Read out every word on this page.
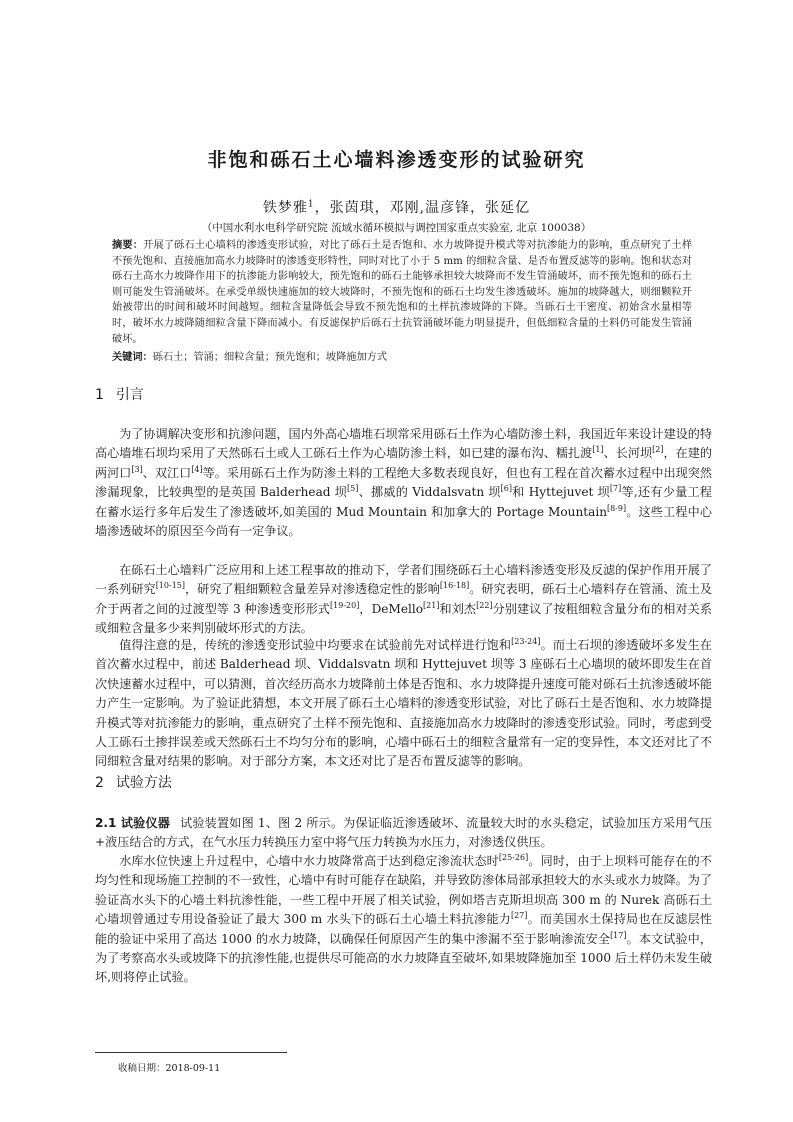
非饱和砾石土心墙料渗透变形的试验研究
铁梦雅$^1$，张茵琪，邓刚,温彦锋，张延亿
（中国水利水电科学研究院 流域水循环模拟与调控国家重点实验室, 北京 100038）
摘要：开展了砾石土心墙料的渗透变形试验，对比了砾石土是否饱和、水力坡降提升模式等对抗渗能力的影响，重点研究了土样不预先饱和、直接施加高水力坡降时的渗透变形特性，同时对比了小于 5 mm 的细粒含量、是否布置反滤等的影响。饱和状态对砾石土高水力坡降作用下的抗渗能力影响较大，预先饱和的砾石土能够承担较大坡降而不发生管涌破坏，而不预先饱和的砾石土则可能发生管涌破坏。在承受单级快速施加的较大坡降时，不预先饱和的砾石土均发生渗透破坏。施加的坡降越大，则细颗粒开始被带出的时间和破坏时间越短。细粒含量降低会导致不预先饱和的土样抗渗坡降的下降。当砾石土干密度、初始含水量相等时，破坏水力坡降随细粒含量下降而减小。有反滤保护后砾石土抗管涌破坏能力明显提升，但低细粒含量的土料仍可能发生管涌破坏。
关键词：砾石土；管涌；细粒含量；预先饱和；坡降施加方式
1 引言
为了协调解决变形和抗渗问题，国内外高心墙堆石坝常采用砾石土作为心墙防渗土料，我国近年来设计建设的特高心墙堆石坝均采用了天然砾石土或人工砾石土作为心墙防渗土料，如已建的瀑布沟、糯扎渡[1]、长河坝[2]，在建的两河口[3]、双江口[4]等。采用砾石土作为防渗土料的工程绝大多数表现良好，但也有工程在首次蓄水过程中出现突然渗漏现象，比较典型的是英国 Balderhead 坝[5]、挪威的 Viddalsvatn 坝[6]和 Hyttejuvet 坝[7]等,还有少量工程在蓄水运行多年后发生了渗透破坏,如美国的 Mud Mountain 和加拿大的 Portage Mountain[8-9]。这些工程中心墙渗透破坏的原因至今尚有一定争议。
在砾石土心墙料广泛应用和上述工程事故的推动下，学者们围绕砾石土心墙料渗透变形及反滤的保护作用开展了一系列研究[10-15]，研究了粗细颗粒含量差异对渗透稳定性的影响[16-18]。研究表明，砾石土心墙料存在管涌、流土及介于两者之间的过渡型等 3 种渗透变形形式[19-20]，DeMello[21]和刘杰[22]分别建议了按粗细粒含量分布的相对关系或细粒含量多少来判别破坏形式的方法。
值得注意的是，传统的渗透变形试验中均要求在试验前先对试样进行饱和[23-24]。而土石坝的渗透破坏多发生在首次蓄水过程中，前述 Balderhead 坝、Viddalsvatn 坝和 Hyttejuvet 坝等 3 座砾石土心墙坝的破坏即发生在首次快速蓄水过程中，可以猜测，首次经历高水力坡降前土体是否饱和、水力坡降提升速度可能对砾石土抗渗透破坏能力产生一定影响。为了验证此猜想，本文开展了砾石土心墙料的渗透变形试验，对比了砾石土是否饱和、水力坡降提升模式等对抗渗能力的影响，重点研究了土样不预先饱和、直接施加高水力坡降时的渗透变形试验。同时，考虑到受人工砾石土掺拌误差或天然砾石土不均匀分布的影响，心墙中砾石土的细粒含量常有一定的变异性，本文还对比了不同细粒含量对结果的影响。对于部分方案，本文还对比了是否布置反滤等的影响。
2 试验方法
2.1 试验仪器 试验装置如图 1、图 2 所示。为保证临近渗透破坏、流量较大时的水头稳定，试验加压方采用气压+液压结合的方式，在气水压力转换压力室中将气压力转换为水压力，对渗透仪供压。
水库水位快速上升过程中，心墙中水力坡降常高于达到稳定渗流状态时[25-26]。同时，由于上坝料可能存在的不均匀性和现场施工控制的不一致性，心墙中有时可能存在缺陷，并导致防渗体局部承担较大的水头或水力坡降。为了验证高水头下的心墙土料抗渗性能，一些工程中开展了相关试验，例如塔吉克斯坦坝高 300 m 的 Nurek 高砾石土心墙坝曾通过专用设备验证了最大 300 m 水头下的砾石土心墙土料抗渗能力[27]。而美国水土保持局也在反滤层性能的验证中采用了高达 1000 的水力坡降，以确保任何原因产生的集中渗漏不至于影响渗流安全[17]。本文试验中，为了考察高水头或坡降下的抗渗性能,也提供尽可能高的水力坡降直至破坏,如果坡降施加至 1000 后土样仍未发生破坏,则将停止试验。
收稿日期：2018-09-11
